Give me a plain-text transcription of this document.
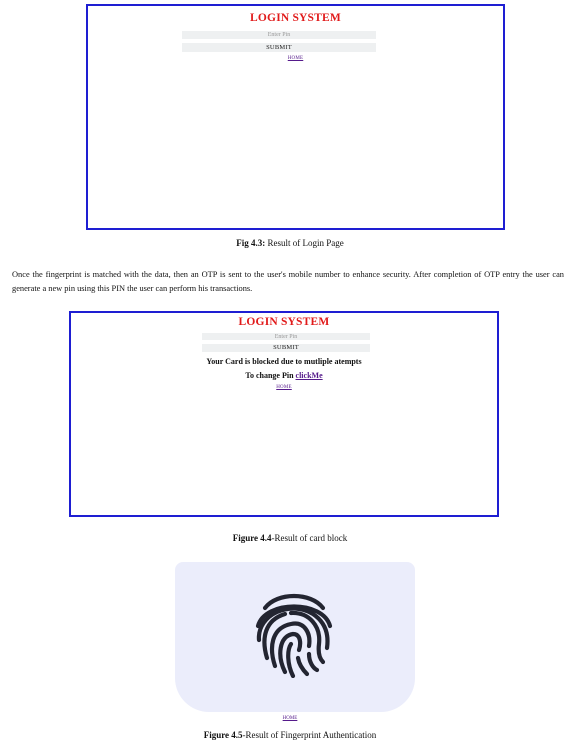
LOGIN SYSTEM
Enter Pin
SUBMIT
HOME
Fig 4.3: Result of Login Page
Once the fingerprint is matched with the data, then an OTP is sent to the user's mobile number to enhance security. After completion of OTP entry the user can generate a new pin using this PIN the user can perform his transactions.
LOGIN SYSTEM
Enter Pin
SUBMIT
Your Card is blocked due to mutliple atempts
To change Pin clickMe
HOME
Figure 4.4-Result of card block
HOME
Figure 4.5-Result of Fingerprint Authentication
